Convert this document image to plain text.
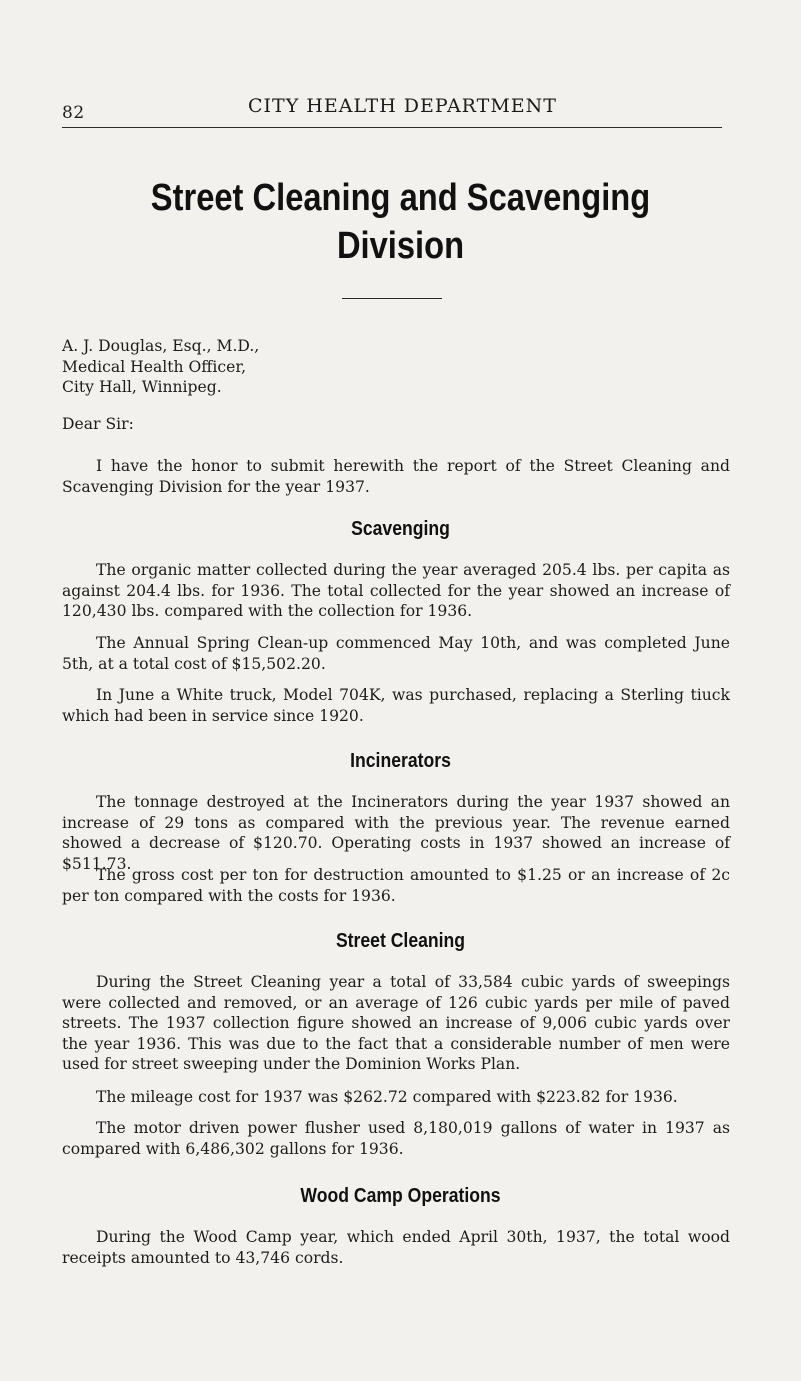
82	CITY HEALTH DEPARTMENT
Street Cleaning and Scavenging
Division
A. J. Douglas, Esq., M.D.,
Medical Health Officer,
City Hall, Winnipeg.
Dear Sir:
I have the honor to submit herewith the report of the Street Cleaning and Scavenging Division for the year 1937.
Scavenging
The organic matter collected during the year averaged 205.4 lbs. per capita as against 204.4 lbs. for 1936. The total collected for the year showed an increase of 120,430 lbs. compared with the collection for 1936.
The Annual Spring Clean-up commenced May 10th, and was completed June 5th, at a total cost of $15,502.20.
In June a White truck, Model 704K, was purchased, replacing a Sterling tiuck which had been in service since 1920.
Incinerators
The tonnage destroyed at the Incinerators during the year 1937 showed an increase of 29 tons as compared with the previous year. The revenue earned showed a decrease of $120.70. Operating costs in 1937 showed an increase of $511.73.
The gross cost per ton for destruction amounted to $1.25 or an increase of 2c per ton compared with the costs for 1936.
Street Cleaning
During the Street Cleaning year a total of 33,584 cubic yards of sweepings were collected and removed, or an average of 126 cubic yards per mile of paved streets. The 1937 collection figure showed an increase of 9,006 cubic yards over the year 1936. This was due to the fact that a considerable number of men were used for street sweeping under the Dominion Works Plan.
The mileage cost for 1937 was $262.72 compared with $223.82 for 1936.
The motor driven power flusher used 8,180,019 gallons of water in 1937 as compared with 6,486,302 gallons for 1936.
Wood Camp Operations
During the Wood Camp year, which ended April 30th, 1937, the total wood receipts amounted to 43,746 cords.
